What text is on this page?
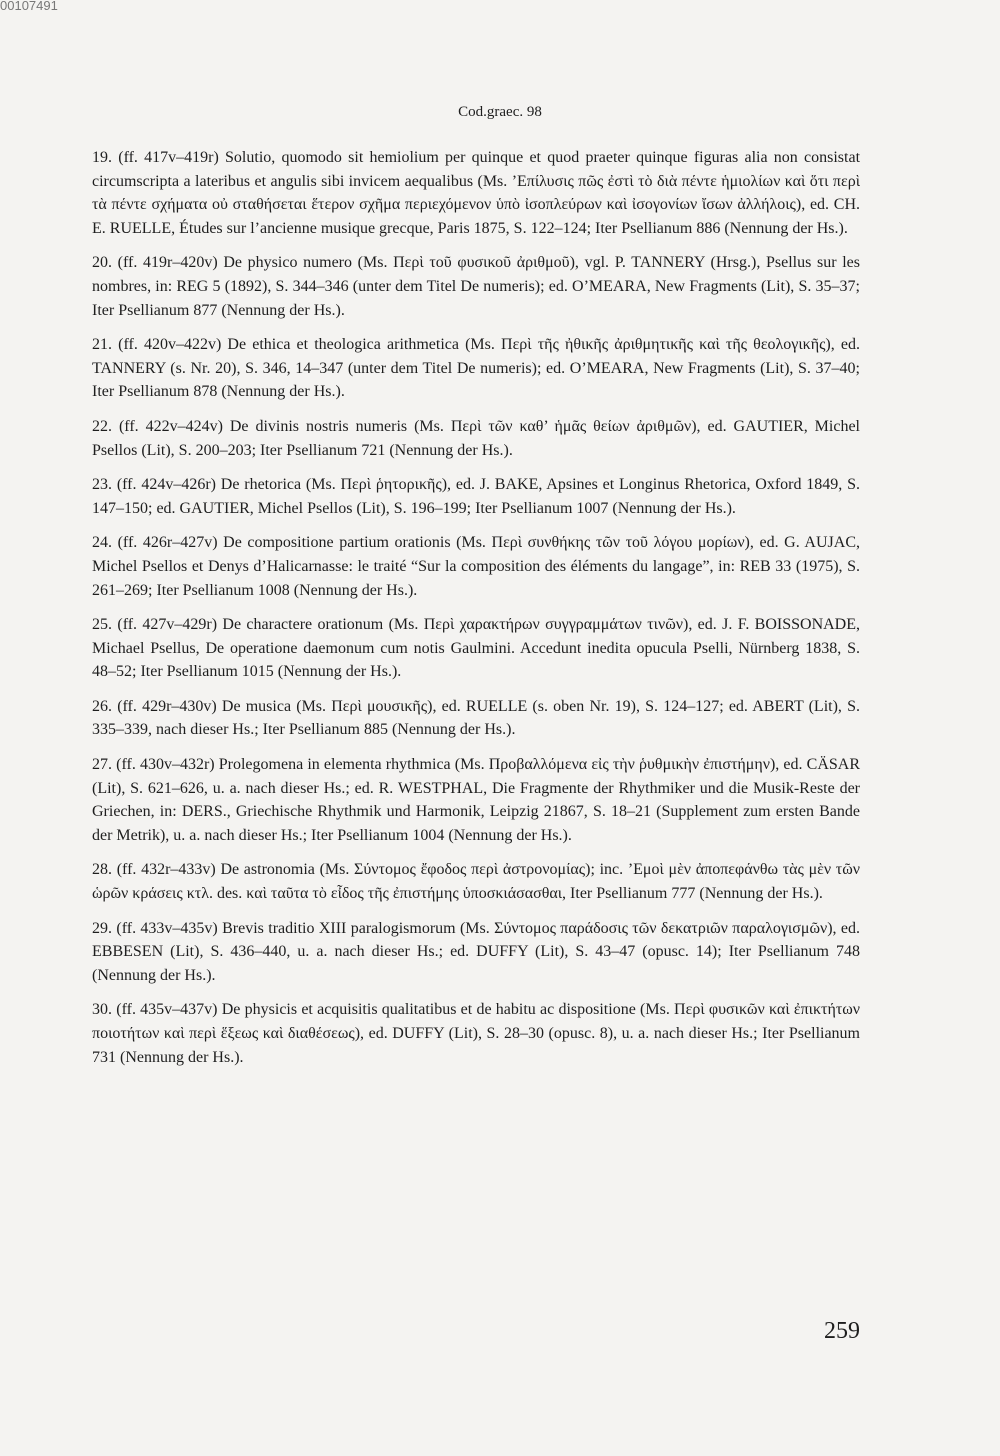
00107491
Cod.graec. 98
19. (ff. 417v–419r) Solutio, quomodo sit hemiolium per quinque et quod praeter quinque figuras alia non consistat circumscripta a lateribus et angulis sibi invicem aequalibus (Ms. ’Επίλυσις πῶς ἐστὶ τὸ διὰ πέντε ἡμιολίων καὶ ὅτι περὶ τὰ πέντε σχήματα οὐ σταθήσεται ἕτερον σχῆμα περιεχόμενον ὑπὸ ἰσοπλεύρων καὶ ἰσογονίων ἴσων ἀλλήλοις), ed. CH. E. RUELLE, Études sur l’ancienne musique grecque, Paris 1875, S. 122–124; Iter Psellianum 886 (Nennung der Hs.).
20. (ff. 419r–420v) De physico numero (Ms. Περὶ τοῦ φυσικοῦ ἀριθμοῦ), vgl. P. TANNERY (Hrsg.), Psellus sur les nombres, in: REG 5 (1892), S. 344–346 (unter dem Titel De numeris); ed. O’MEARA, New Fragments (Lit), S. 35–37; Iter Psellianum 877 (Nennung der Hs.).
21. (ff. 420v–422v) De ethica et theologica arithmetica (Ms. Περὶ τῆς ἠθικῆς ἀριθμητικῆς καὶ τῆς θεολογικῆς), ed. TANNERY (s. Nr. 20), S. 346, 14–347 (unter dem Titel De numeris); ed. O’MEARA, New Fragments (Lit), S. 37–40; Iter Psellianum 878 (Nennung der Hs.).
22. (ff. 422v–424v) De divinis nostris numeris (Ms. Περὶ τῶν καθ’ ἡμᾶς θείων ἀριθμῶν), ed. GAUTIER, Michel Psellos (Lit), S. 200–203; Iter Psellianum 721 (Nennung der Hs.).
23. (ff. 424v–426r) De rhetorica (Ms. Περὶ ῥητορικῆς), ed. J. BAKE, Apsines et Longinus Rhetorica, Oxford 1849, S. 147–150; ed. GAUTIER, Michel Psellos (Lit), S. 196–199; Iter Psellianum 1007 (Nennung der Hs.).
24. (ff. 426r–427v) De compositione partium orationis (Ms. Περὶ συνθήκης τῶν τοῦ λόγου μορίων), ed. G. AUJAC, Michel Psellos et Denys d’Halicarnasse: le traité “Sur la composition des éléments du langage”, in: REB 33 (1975), S. 261–269; Iter Psellianum 1008 (Nennung der Hs.).
25. (ff. 427v–429r) De charactere orationum (Ms. Περὶ χαρακτήρων συγγραμμάτων τινῶν), ed. J. F. BOISSONADE, Michael Psellus, De operatione daemonum cum notis Gaulmini. Accedunt inedita opucula Pselli, Nürnberg 1838, S. 48–52; Iter Psellianum 1015 (Nennung der Hs.).
26. (ff. 429r–430v) De musica (Ms. Περὶ μουσικῆς), ed. RUELLE (s. oben Nr. 19), S. 124–127; ed. ABERT (Lit), S. 335–339, nach dieser Hs.; Iter Psellianum 885 (Nennung der Hs.).
27. (ff. 430v–432r) Prolegomena in elementa rhythmica (Ms. Προβαλλόμενα εἰς τὴν ῥυθμικὴν ἐπιστήμην), ed. CÄSAR (Lit), S. 621–626, u. a. nach dieser Hs.; ed. R. WESTPHAL, Die Fragmente der Rhythmiker und die Musik-Reste der Griechen, in: DERS., Griechische Rhythmik und Harmonik, Leipzig 21867, S. 18–21 (Supplement zum ersten Bande der Metrik), u. a. nach dieser Hs.; Iter Psellianum 1004 (Nennung der Hs.).
28. (ff. 432r–433v) De astronomia (Ms. Σύντομος ἔφοδος περὶ ἀστρονομίας); inc. ’Εμοὶ μὲν ἀποπεφάνθω τὰς μὲν τῶν ὡρῶν κράσεις κτλ. des. καὶ ταῦτα τὸ εἶδος τῆς ἐπιστήμης ὑποσκιάσασθαι, Iter Psellianum 777 (Nennung der Hs.).
29. (ff. 433v–435v) Brevis traditio XIII paralogismorum (Ms. Σύντομος παράδοσις τῶν δεκατριῶν παραλογισμῶν), ed. EBBESEN (Lit), S. 436–440, u. a. nach dieser Hs.; ed. DUFFY (Lit), S. 43–47 (opusc. 14); Iter Psellianum 748 (Nennung der Hs.).
30. (ff. 435v–437v) De physicis et acquisitis qualitatibus et de habitu ac dispositione (Ms. Περὶ φυσικῶν καὶ ἐπικτήτων ποιοτήτων καὶ περὶ ἕξεως καὶ διαθέσεως), ed. DUFFY (Lit), S. 28–30 (opusc. 8), u. a. nach dieser Hs.; Iter Psellianum 731 (Nennung der Hs.).
259
